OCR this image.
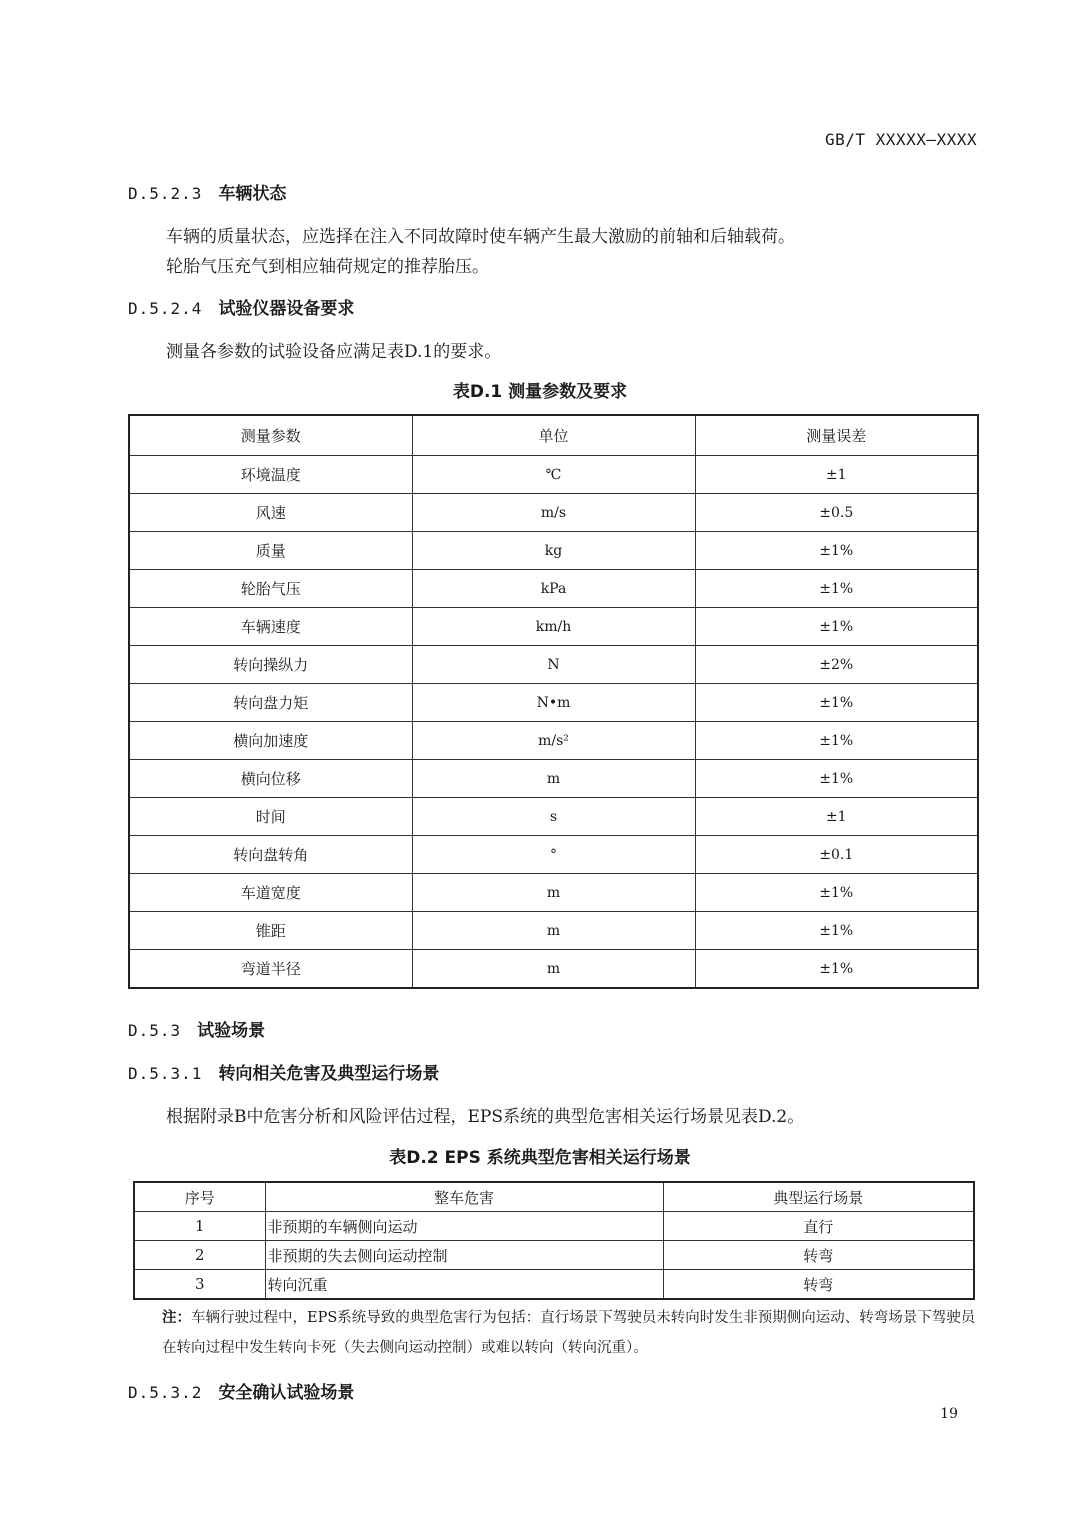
GB/T XXXXX—XXXX
D.5.2.3 车辆状态
车辆的质量状态，应选择在注入不同故障时使车辆产生最大激励的前轴和后轴载荷。
轮胎气压充气到相应轴荷规定的推荐胎压。
D.5.2.4 试验仪器设备要求
测量各参数的试验设备应满足表D.1的要求。
表D.1 测量参数及要求
测量参数	单位	测量误差
环境温度	℃	±1
风速	m/s	±0.5
质量	kg	±1%
轮胎气压	kPa	±1%
车辆速度	km/h	±1%
转向操纵力	N	±2%
转向盘力矩	N•m	±1%
横向加速度	m/s²	±1%
横向位移	m	±1%
时间	s	±1
转向盘转角	°	±0.1
车道宽度	m	±1%
锥距	m	±1%
弯道半径	m	±1%
D.5.3 试验场景
D.5.3.1 转向相关危害及典型运行场景
根据附录B中危害分析和风险评估过程，EPS系统的典型危害相关运行场景见表D.2。
表D.2 EPS 系统典型危害相关运行场景
序号	整车危害	典型运行场景
1	非预期的车辆侧向运动	直行
2	非预期的失去侧向运动控制	转弯
3	转向沉重	转弯
注：车辆行驶过程中，EPS系统导致的典型危害行为包括：直行场景下驾驶员未转向时发生非预期侧向运动、转弯场景下驾驶员在转向过程中发生转向卡死（失去侧向运动控制）或难以转向（转向沉重）。
D.5.3.2 安全确认试验场景
19
